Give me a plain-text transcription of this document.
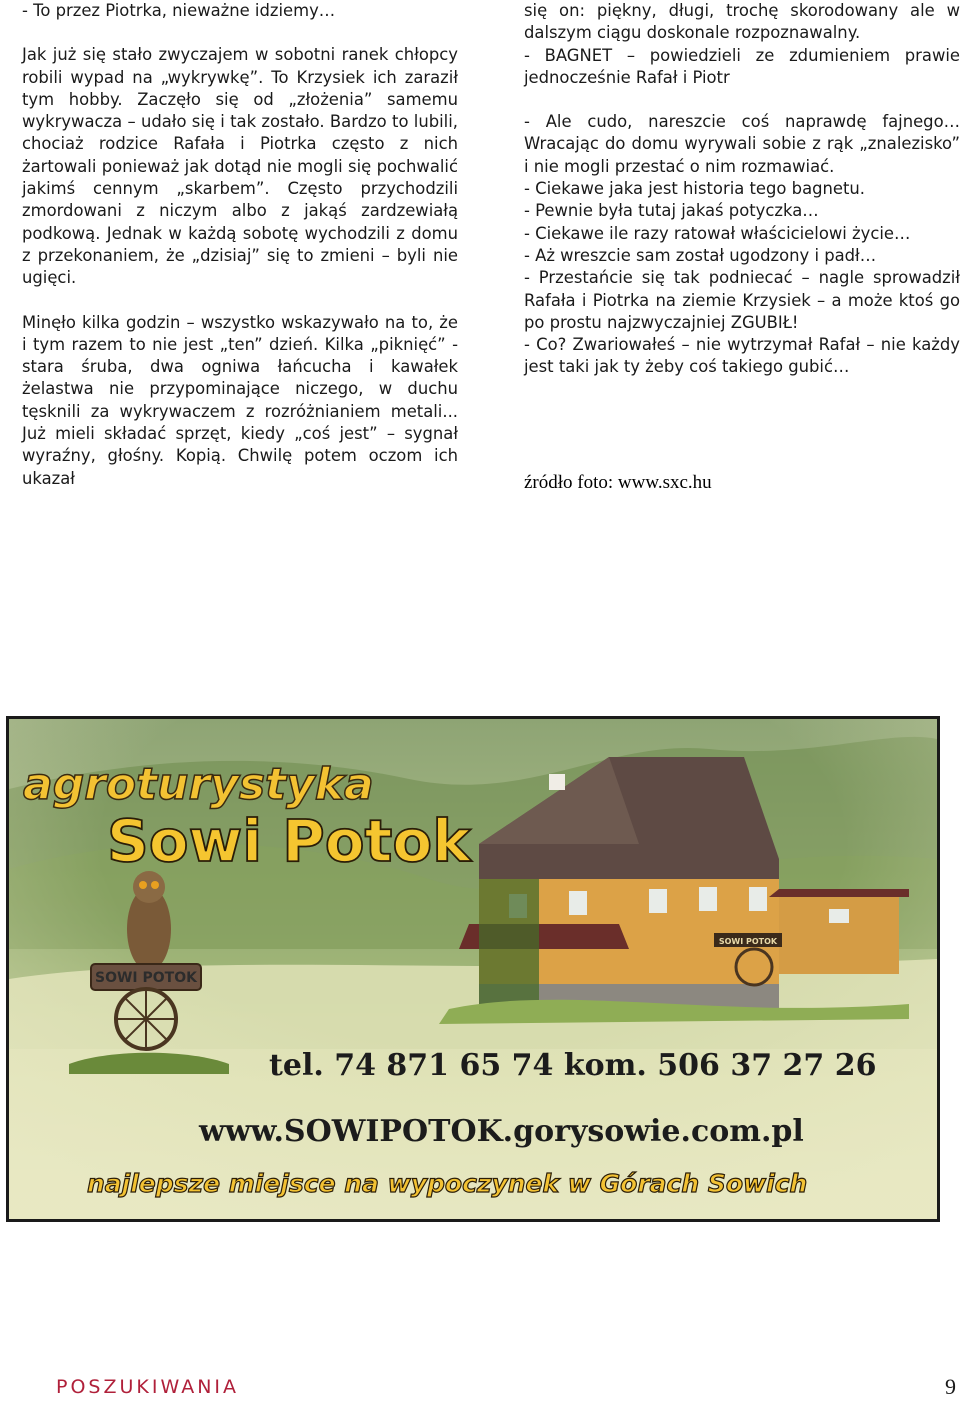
- To przez Piotrka, nieważne idziemy…

Jak już się stało zwyczajem w sobotni ranek chłopcy robili wypad na „wykrywkę”. To Krzysiek ich zaraził tym hobby. Zaczęło się od „złożenia” samemu wykrywacza – udało się i tak zostało. Bardzo to lubili, chociaż rodzice Rafała i Piotrka często z nich żartowali ponieważ jak dotąd nie mogli się pochwalić jakimś cennym „skarbem”. Często przychodzili zmordowani z niczym albo z jakąś zardzewiałą podkową. Jednak w każdą sobotę wychodzili z domu z przekonaniem, że „dzisiaj” się to zmieni – byli nie ugięci.

Minęło kilka godzin – wszystko wskazywało na to, że i tym razem to nie jest „ten” dzień. Kilka „piknięć” - stara śruba, dwa ogniwa łańcucha i kawałek żelastwa nie przypominające niczego, w duchu tęsknili za wykrywaczem z rozróżnianiem metali... Już mieli składać sprzęt, kiedy „coś jest” – sygnał wyraźny, głośny. Kopią. Chwilę potem oczom ich ukazał

się on: piękny, długi, trochę skorodowany ale w dalszym ciągu doskonale rozpoznawalny.

- BAGNET – powiedzieli ze zdumieniem prawie jednocześnie Rafał i Piotr

- Ale cudo, nareszcie coś naprawdę fajnego… Wracając do domu wyrywali sobie z rąk „znalezisko” i nie mogli przestać o nim rozmawiać.

- Ciekawe jaka jest historia tego bagnetu.

- Pewnie była tutaj jakaś potyczka…

- Ciekawe ile razy ratował właścicielowi życie…

- Aż wreszcie sam został ugodzony i padł…

- Przestańcie się tak podniecać – nagle sprowadził Rafała i Piotrka na ziemie Krzysiek – a może ktoś go po prostu najzwyczajniej ZGUBIŁ!

- Co? Zwariowałeś – nie wytrzymał Rafał – nie każdy jest taki jak ty żeby coś takiego gubić…

źródło foto: www.sxc.hu
SOWI POTOK
SOWI POTOK
agroturystyka
Sowi Potok
tel. 74 871 65 74 kom. 506 37 27 26
www.SOWIPOTOK.gorysowie.com.pl
najlepsze miejsce na wypoczynek w Górach Sowich
POSZUKIWANIA	9
